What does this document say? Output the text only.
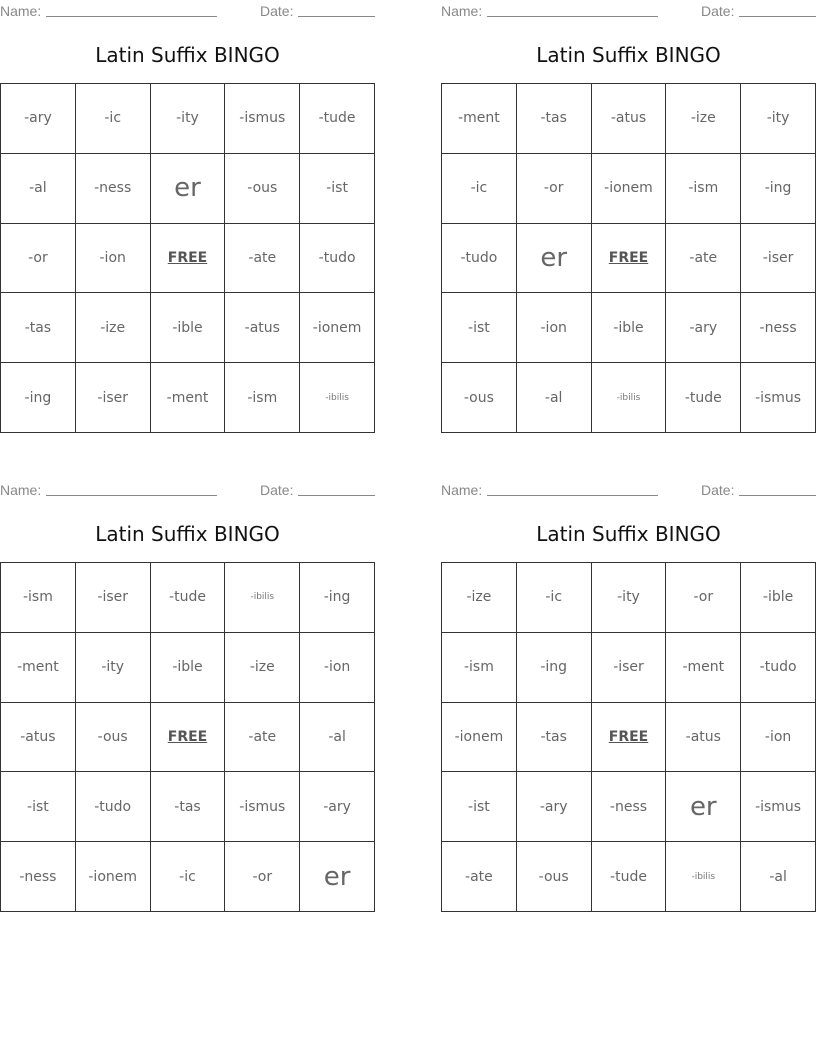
Name:	Date:
Latin Suffix BINGO
-ary	-ic	-ity	-ismus	-tude
-al	-ness	er	-ous	-ist
-or	-ion	FREE	-ate	-tudo
-tas	-ize	-ible	-atus	-ionem
-ing	-iser	-ment	-ism	-ibilis
Name:	Date:
Latin Suffix BINGO
-ment	-tas	-atus	-ize	-ity
-ic	-or	-ionem	-ism	-ing
-tudo	er	FREE	-ate	-iser
-ist	-ion	-ible	-ary	-ness
-ous	-al	-ibilis	-tude	-ismus
Name:	Date:
Latin Suffix BINGO
-ism	-iser	-tude	-ibilis	-ing
-ment	-ity	-ible	-ize	-ion
-atus	-ous	FREE	-ate	-al
-ist	-tudo	-tas	-ismus	-ary
-ness	-ionem	-ic	-or	er
Name:	Date:
Latin Suffix BINGO
-ize	-ic	-ity	-or	-ible
-ism	-ing	-iser	-ment	-tudo
-ionem	-tas	FREE	-atus	-ion
-ist	-ary	-ness	er	-ismus
-ate	-ous	-tude	-ibilis	-al
